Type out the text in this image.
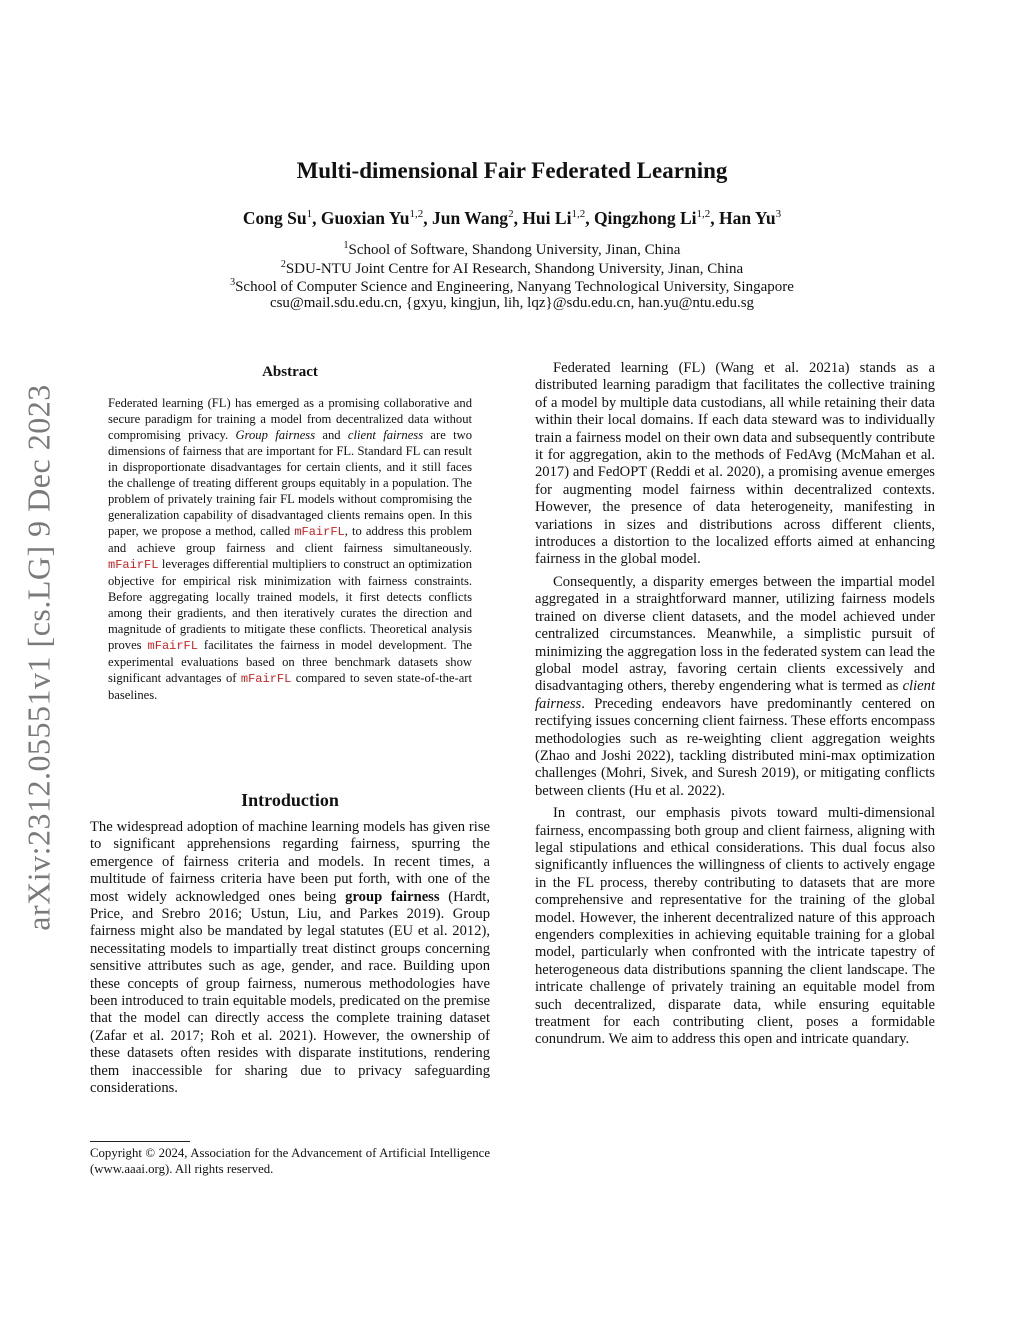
arXiv:2312.05551v1 [cs.LG] 9 Dec 2023
Multi-dimensional Fair Federated Learning
Cong Su$^1$, Guoxian Yu$^{1,2}$, Jun Wang$^2$, Hui Li$^{1,2}$, Qingzhong Li$^{1,2}$, Han Yu$^3$
$^1$School of Software, Shandong University, Jinan, China
$^2$SDU-NTU Joint Centre for AI Research, Shandong University, Jinan, China
$^3$School of Computer Science and Engineering, Nanyang Technological University, Singapore
csu@mail.sdu.edu.cn, {gxyu, kingjun, lih, lqz}@sdu.edu.cn, han.yu@ntu.edu.sg
Abstract
Federated learning (FL) has emerged as a promising collaborative and secure paradigm for training a model from decentralized data without compromising privacy. Group fairness and client fairness are two dimensions of fairness that are important for FL. Standard FL can result in disproportionate disadvantages for certain clients, and it still faces the challenge of treating different groups equitably in a population. The problem of privately training fair FL models without compromising the generalization capability of disadvantaged clients remains open. In this paper, we propose a method, called mFairFL, to address this problem and achieve group fairness and client fairness simultaneously. mFairFL leverages differential multipliers to construct an optimization objective for empirical risk minimization with fairness constraints. Before aggregating locally trained models, it first detects conflicts among their gradients, and then iteratively curates the direction and magnitude of gradients to mitigate these conflicts. Theoretical analysis proves mFairFL facilitates the fairness in model development. The experimental evaluations based on three benchmark datasets show significant advantages of mFairFL compared to seven state-of-the-art baselines.
Introduction

The widespread adoption of machine learning models has given rise to significant apprehensions regarding fairness, spurring the emergence of fairness criteria and models. In recent times, a multitude of fairness criteria have been put forth, with one of the most widely acknowledged ones being group fairness (Hardt, Price, and Srebro 2016; Ustun, Liu, and Parkes 2019). Group fairness might also be mandated by legal statutes (EU et al. 2012), necessitating models to impartially treat distinct groups concerning sensitive attributes such as age, gender, and race. Building upon these concepts of group fairness, numerous methodologies have been introduced to train equitable models, predicated on the premise that the model can directly access the complete training dataset (Zafar et al. 2017; Roh et al. 2021). However, the ownership of these datasets often resides with disparate institutions, rendering them inaccessible for sharing due to privacy safeguarding considerations.

Copyright © 2024, Association for the Advancement of Artificial Intelligence (www.aaai.org). All rights reserved.

Federated learning (FL) (Wang et al. 2021a) stands as a distributed learning paradigm that facilitates the collective training of a model by multiple data custodians, all while retaining their data within their local domains. If each data steward was to individually train a fairness model on their own data and subsequently contribute it for aggregation, akin to the methods of FedAvg (McMahan et al. 2017) and FedOPT (Reddi et al. 2020), a promising avenue emerges for augmenting model fairness within decentralized contexts. However, the presence of data heterogeneity, manifesting in variations in sizes and distributions across different clients, introduces a distortion to the localized efforts aimed at enhancing fairness in the global model.

Consequently, a disparity emerges between the impartial model aggregated in a straightforward manner, utilizing fairness models trained on diverse client datasets, and the model achieved under centralized circumstances. Meanwhile, a simplistic pursuit of minimizing the aggregation loss in the federated system can lead the global model astray, favoring certain clients excessively and disadvantaging others, thereby engendering what is termed as client fairness. Preceding endeavors have predominantly centered on rectifying issues concerning client fairness. These efforts encompass methodologies such as re-weighting client aggregation weights (Zhao and Joshi 2022), tackling distributed mini-max optimization challenges (Mohri, Sivek, and Suresh 2019), or mitigating conflicts between clients (Hu et al. 2022).

In contrast, our emphasis pivots toward multi-dimensional fairness, encompassing both group and client fairness, aligning with legal stipulations and ethical considerations. This dual focus also significantly influences the willingness of clients to actively engage in the FL process, thereby contributing to datasets that are more comprehensive and representative for the training of the global model. However, the inherent decentralized nature of this approach engenders complexities in achieving equitable training for a global model, particularly when confronted with the intricate tapestry of heterogeneous data distributions spanning the client landscape. The intricate challenge of privately training an equitable model from such decentralized, disparate data, while ensuring equitable treatment for each contributing client, poses a formidable conundrum. We aim to address this open and intricate quandary.
